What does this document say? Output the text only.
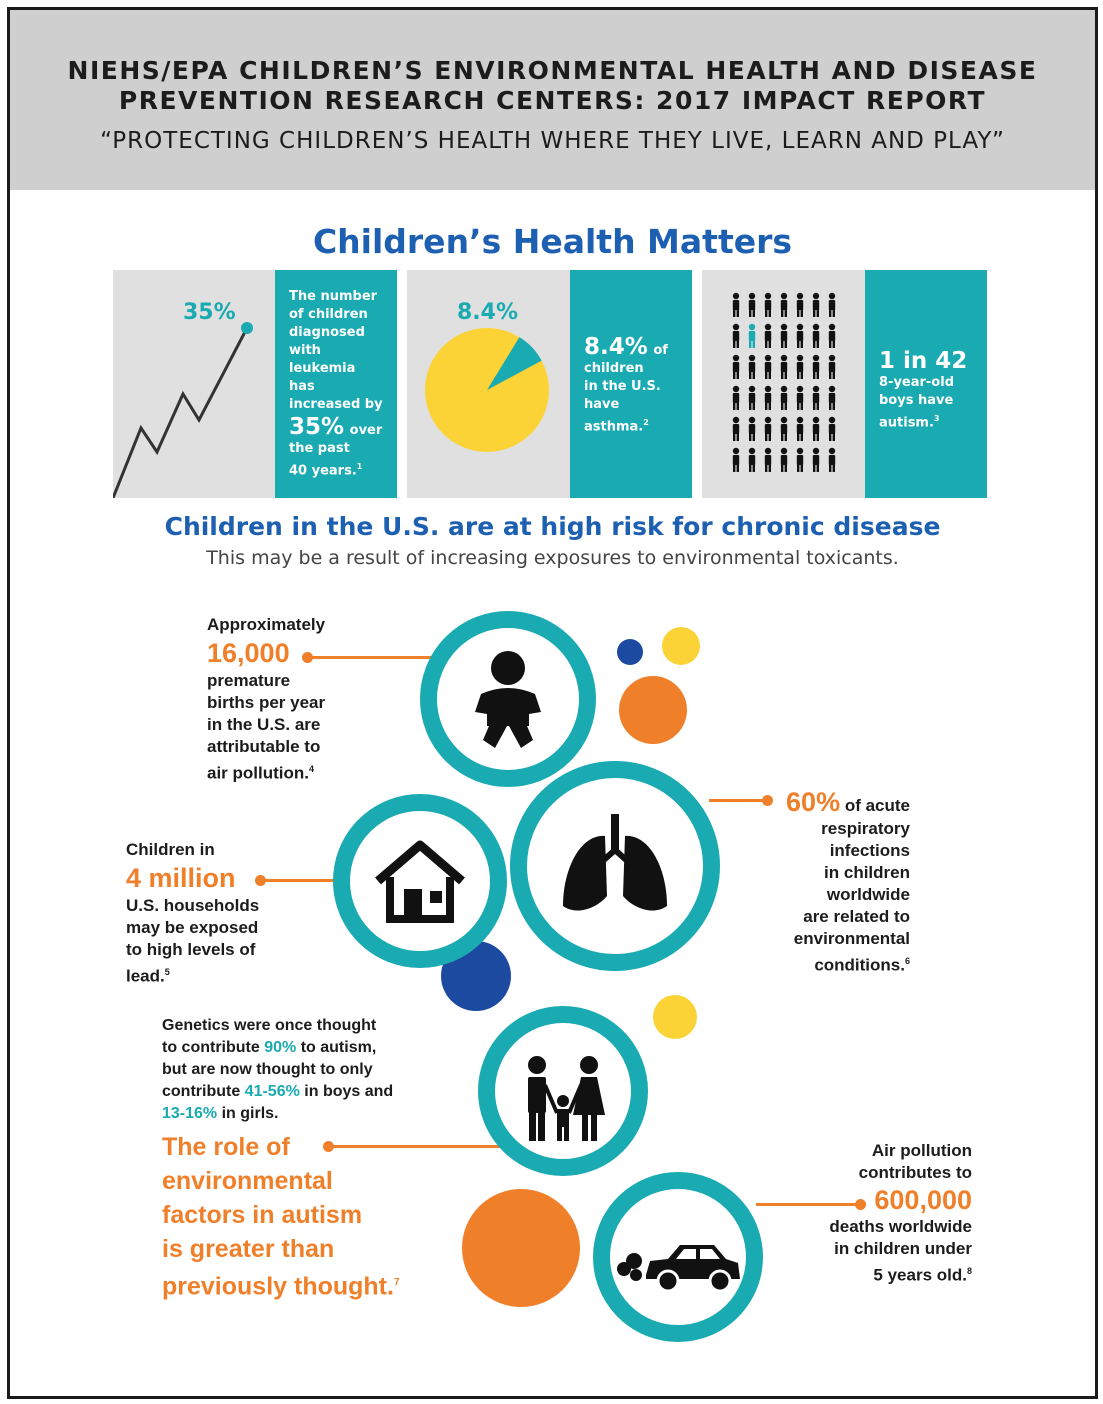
NIEHS/EPA CHILDREN’S ENVIRONMENTAL HEALTH AND DISEASE
PREVENTION RESEARCH CENTERS: 2017 IMPACT REPORT
“PROTECTING CHILDREN’S HEALTH WHERE THEY LIVE, LEARN AND PLAY”
Children’s Health Matters
35%
The number
of children
diagnosed
with
leukemia
has
increased by
35% over
the past
40 years.$^1$
8.4%
8.4% of
children
in the U.S.
have
asthma.$^2$
1 in 42
8-year-old
boys have
autism.$^3$
Children in the U.S. are at high risk for chronic disease
This may be a result of increasing exposures to environmental toxicants.
Approximately
16,000
premature
births per year
in the U.S. are
attributable to
air pollution.$^4$
Children in
4 million
U.S. households
may be exposed
to high levels of
lead.$^5$
60% of acute
respiratory
infections
in children
worldwide
are related to
environmental
conditions.$^6$
Genetics were once thought
to contribute 90% to autism,
but are now thought to only
contribute 41-56% in boys and
13-16% in girls.
The role of
environmental
factors in autism
is greater than
previously thought.$^7$
Air pollution
contributes to
600,000
deaths worldwide
in children under
5 years old.$^8$
